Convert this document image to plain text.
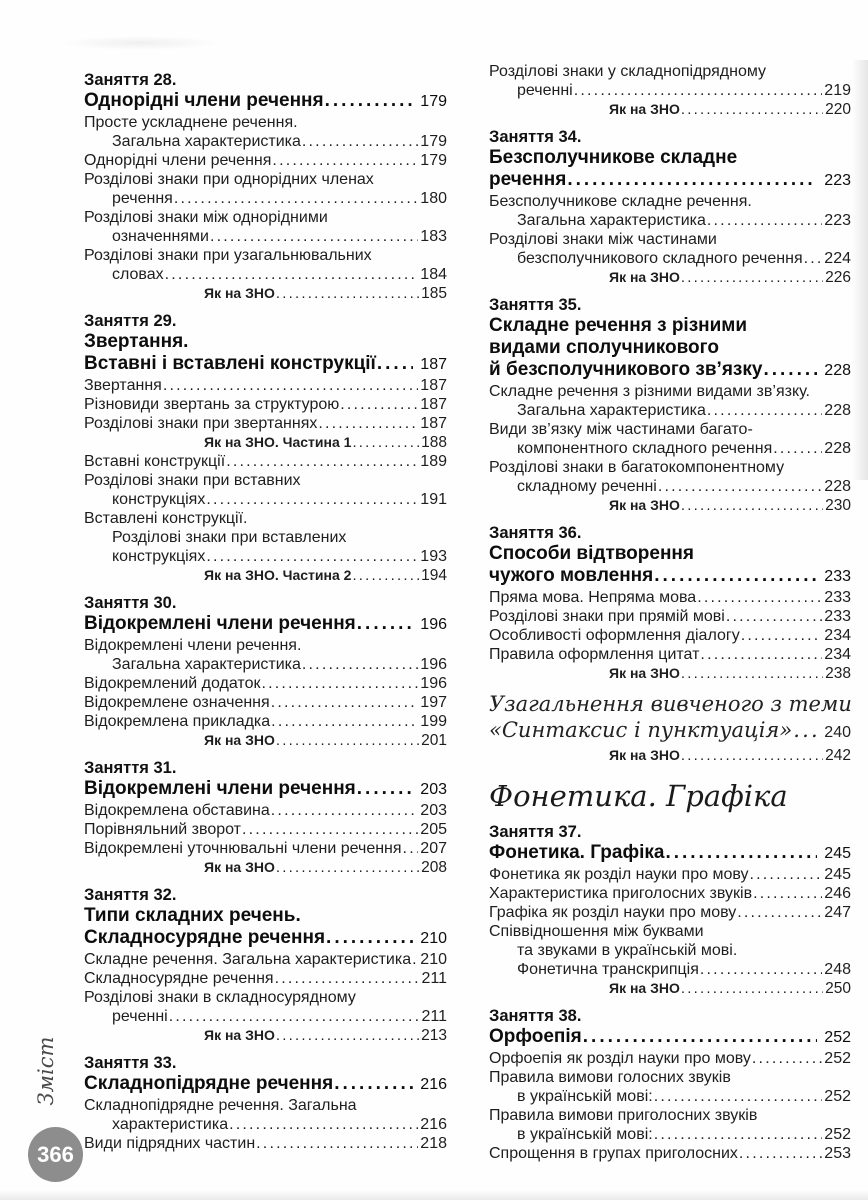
Заняття 28.
Однорідні члени речення .....	179
Просте ускладнене речення.
Загальна характеристика .....	179
Однорідні члени речення .....	179
Розділові знаки при однорідних членах
речення .....	180
Розділові знаки між однорідними
означеннями .....	183
Розділові знаки при узагальнювальних
словах .....	184
Як на ЗНО .....	185
Заняття 29.
Звертання.
Вставні і вставлені конструкції .....	187
Звертання .....	187
Різновиди звертань за структурою .....	187
Розділові знаки при звертаннях .....	187
Як на ЗНО. Частина 1 .....	188
Вставні конструкції .....	189
Розділові знаки при вставних
конструкціях .....	191
Вставлені конструкції.
Розділові знаки при вставлених
конструкціях .....	193
Як на ЗНО. Частина 2 .....	194
Заняття 30.
Відокремлені члени речення .....	196
Відокремлені члени речення.
Загальна характеристика .....	196
Відокремлений додаток .....	196
Відокремлене означення .....	197
Відокремлена прикладка .....	199
Як на ЗНО .....	201
Заняття 31.
Відокремлені члени речення .....	203
Відокремлена обставина .....	203
Порівняльний зворот .....	205
Відокремлені уточнювальні члени речення ..... 207
Як на ЗНО .....	208
Заняття 32.
Типи складних речень.
Складносурядне речення .....	210
Складне речення. Загальна характеристика ..... 210
Складносурядне речення .....	211
Розділові знаки в складносурядному
реченні .....	211
Як на ЗНО .....	213
Заняття 33.
Складнопідрядне речення .....	216
Складнопідрядне речення. Загальна
характеристика .....	216
Види підрядних частин .....	218
Розділові знаки у складнопідрядному
реченні .....	219
Як на ЗНО .....	220
Заняття 34.
Безсполучникове складне
речення .....	223
Безсполучникове складне речення.
Загальна характеристика .....	223
Розділові знаки між частинами
безсполучникового складного речення ..... 224
Як на ЗНО .....	226
Заняття 35.
Складне речення з різними
видами сполучникового
й безсполучникового зв’язку .....	228
Складне речення з різними видами зв’язку.
Загальна характеристика .....	228
Види зв’язку між частинами багато-
компонентного складного речення .....	228
Розділові знаки в багатокомпонентному
складному реченні .....	228
Як на ЗНО .....	230
Заняття 36.
Способи відтворення
чужого мовлення .....	233
Пряма мова. Непряма мова .....	233
Розділові знаки при прямій мові .....	233
Особливості оформлення діалогу .....	234
Правила оформлення цитат .....	234
Як на ЗНО .....	238
Узагальнення вивченого з теми
«Синтаксис і пунктуація» ..... 240
Як на ЗНО .....	242
Фонетика. Графіка
Заняття 37.
Фонетика. Графіка .....	245
Фонетика як розділ науки про мову .....	245
Характеристика приголосних звуків .....	246
Графіка як розділ науки про мову .....	247
Співвідношення між буквами
та звуками в українській мові.
Фонетична транскрипція .....	248
Як на ЗНО .....	250
Заняття 38.
Орфоепія .....	252
Орфоепія як розділ науки про мову .....	252
Правила вимови голосних звуків
в українській мові: .....	252
Правила вимови приголосних звуків
в українській мові: .....	252
Спрощення в групах приголосних .....	253
Зміст
366
